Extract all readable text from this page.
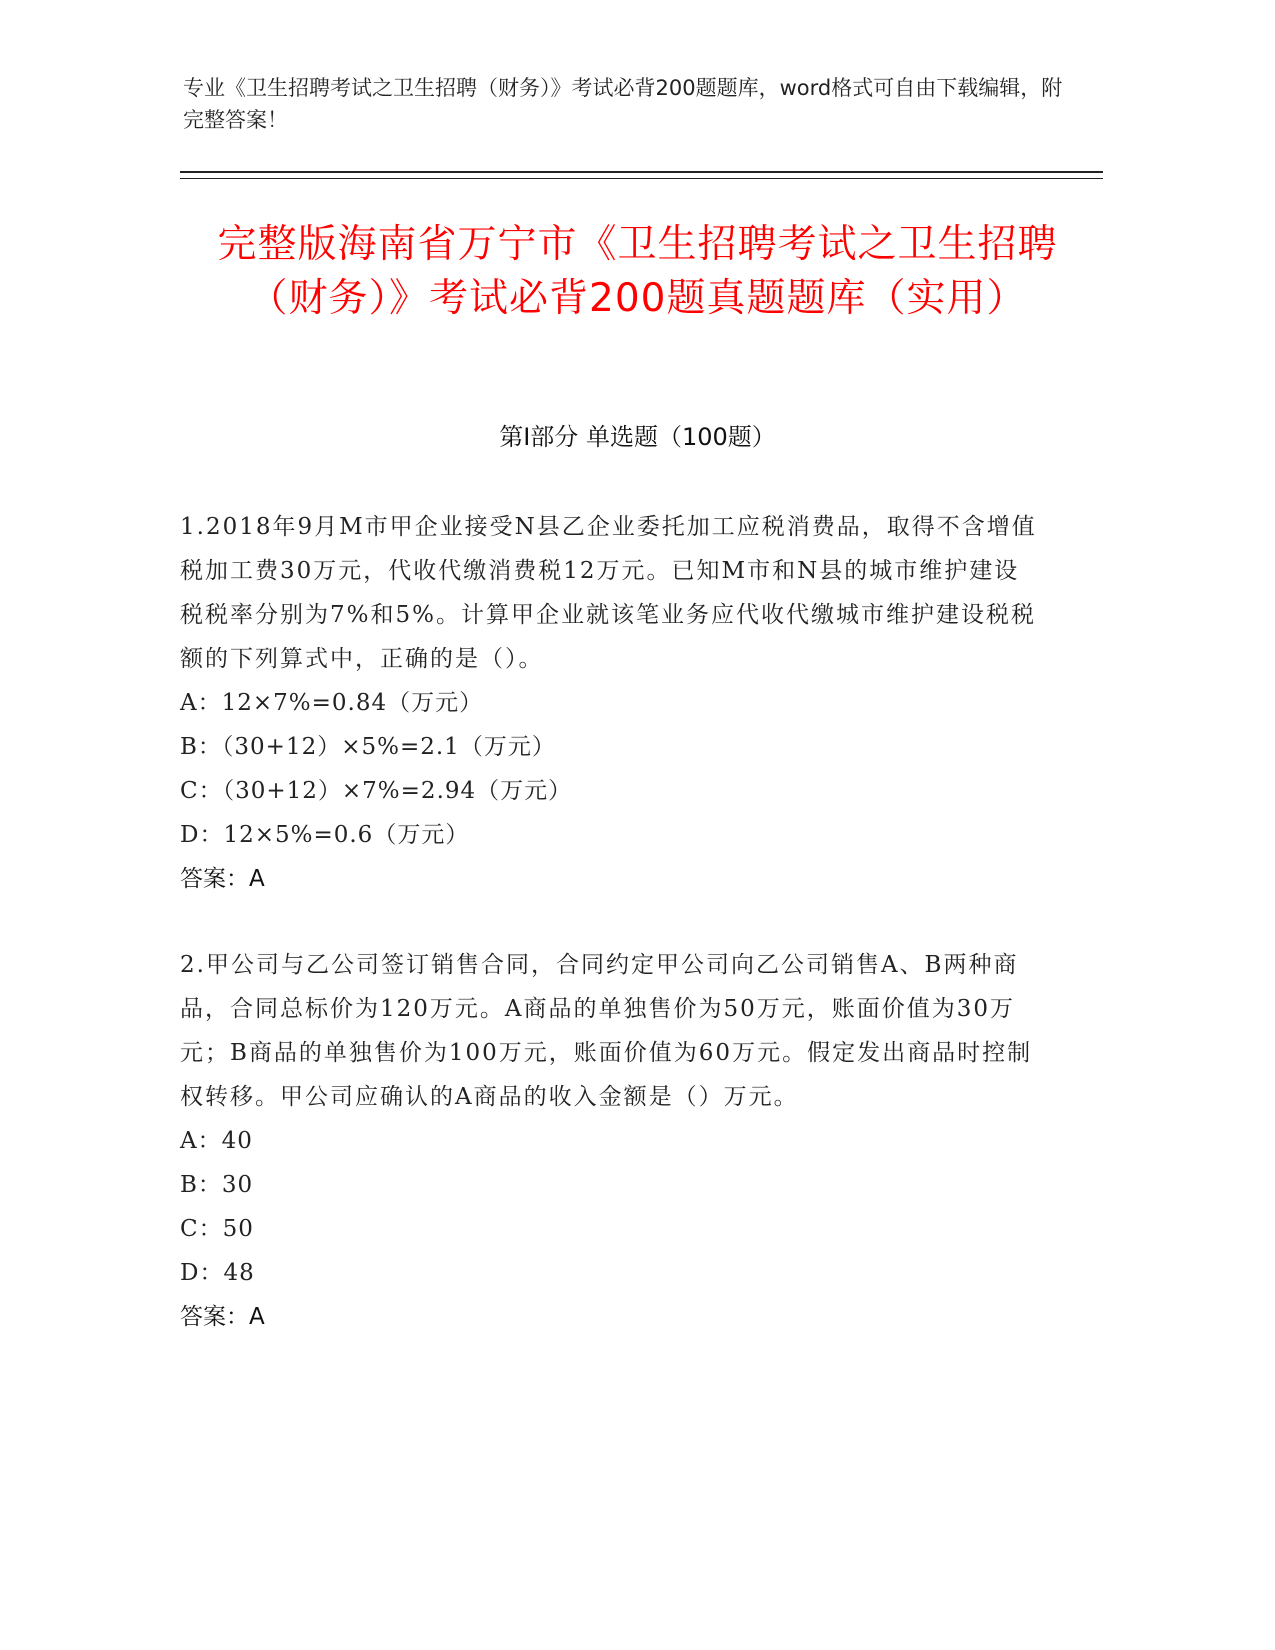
专业《卫生招聘考试之卫生招聘（财务）》考试必背200题题库，word格式可自由下载编辑，附完整答案！
完整版海南省万宁市《卫生招聘考试之卫生招聘（财务）》考试必背200题真题题库（实用）
第I部分 单选题（100题）
1.2018年9月M市甲企业接受N县乙企业委托加工应税消费品，取得不含增值税加工费30万元，代收代缴消费税12万元。已知M市和N县的城市维护建设税税率分别为7%和5%。计算甲企业就该笔业务应代收代缴城市维护建设税税额的下列算式中，正确的是（）。
A：12×7%=0.84（万元）
B：（30+12）×5%=2.1（万元）
C：（30+12）×7%=2.94（万元）
D：12×5%=0.6（万元）
答案：A
2.甲公司与乙公司签订销售合同，合同约定甲公司向乙公司销售A、B两种商品，合同总标价为120万元。A商品的单独售价为50万元，账面价值为30万元；B商品的单独售价为100万元，账面价值为60万元。假定发出商品时控制权转移。甲公司应确认的A商品的收入金额是（）万元。
A：40
B：30
C：50
D：48
答案：A
